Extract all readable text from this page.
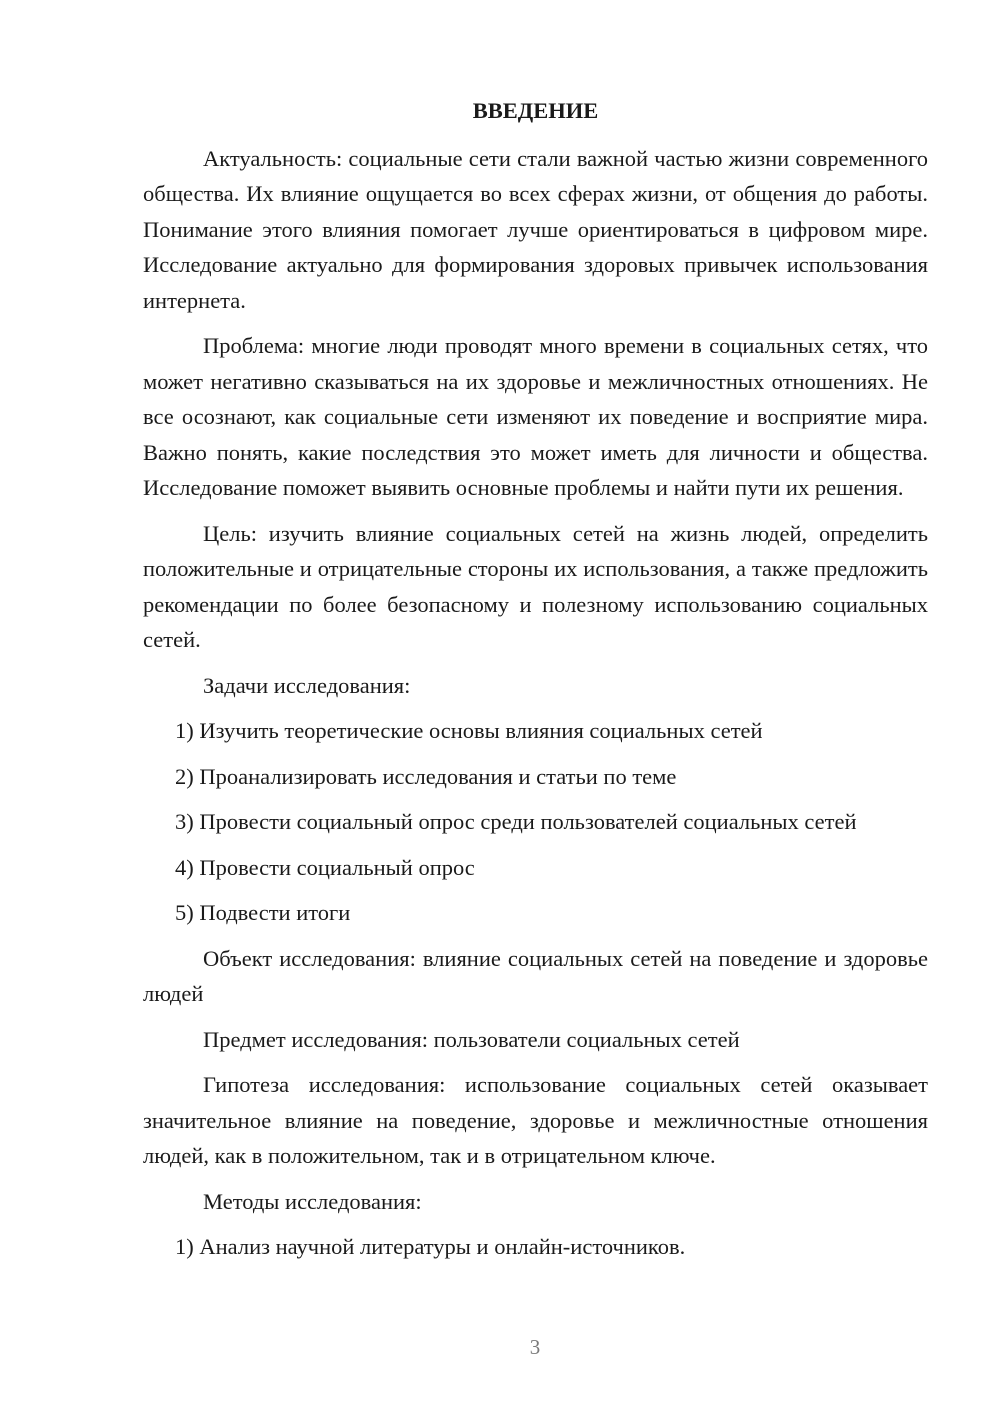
ВВЕДЕНИЕ

Актуальность: социальные сети стали важной частью жизни современного общества. Их влияние ощущается во всех сферах жизни, от общения до работы. Понимание этого влияния помогает лучше ориентироваться в цифровом мире. Исследование актуально для формирования здоровых привычек использования интернета.

Проблема: многие люди проводят много времени в социальных сетях, что может негативно сказываться на их здоровье и межличностных отношениях. Не все осознают, как социальные сети изменяют их поведение и восприятие мира. Важно понять, какие последствия это может иметь для личности и общества. Исследование поможет выявить основные проблемы и найти пути их решения.

Цель: изучить влияние социальных сетей на жизнь людей, определить положительные и отрицательные стороны их использования, а также предложить рекомендации по более безопасному и полезному использованию социальных сетей.

Задачи исследования:

1) Изучить теоретические основы влияния социальных сетей

2) Проанализировать исследования и статьи по теме

3) Провести социальный опрос среди пользователей социальных сетей

4) Провести социальный опрос

5) Подвести итоги

Объект исследования: влияние социальных сетей на поведение и здоровье людей

Предмет исследования: пользователи социальных сетей

Гипотеза исследования: использование социальных сетей оказывает значительное влияние на поведение, здоровье и межличностные отношения людей, как в положительном, так и в отрицательном ключе.

Методы исследования:

1) Анализ научной литературы и онлайн-источников.

3
